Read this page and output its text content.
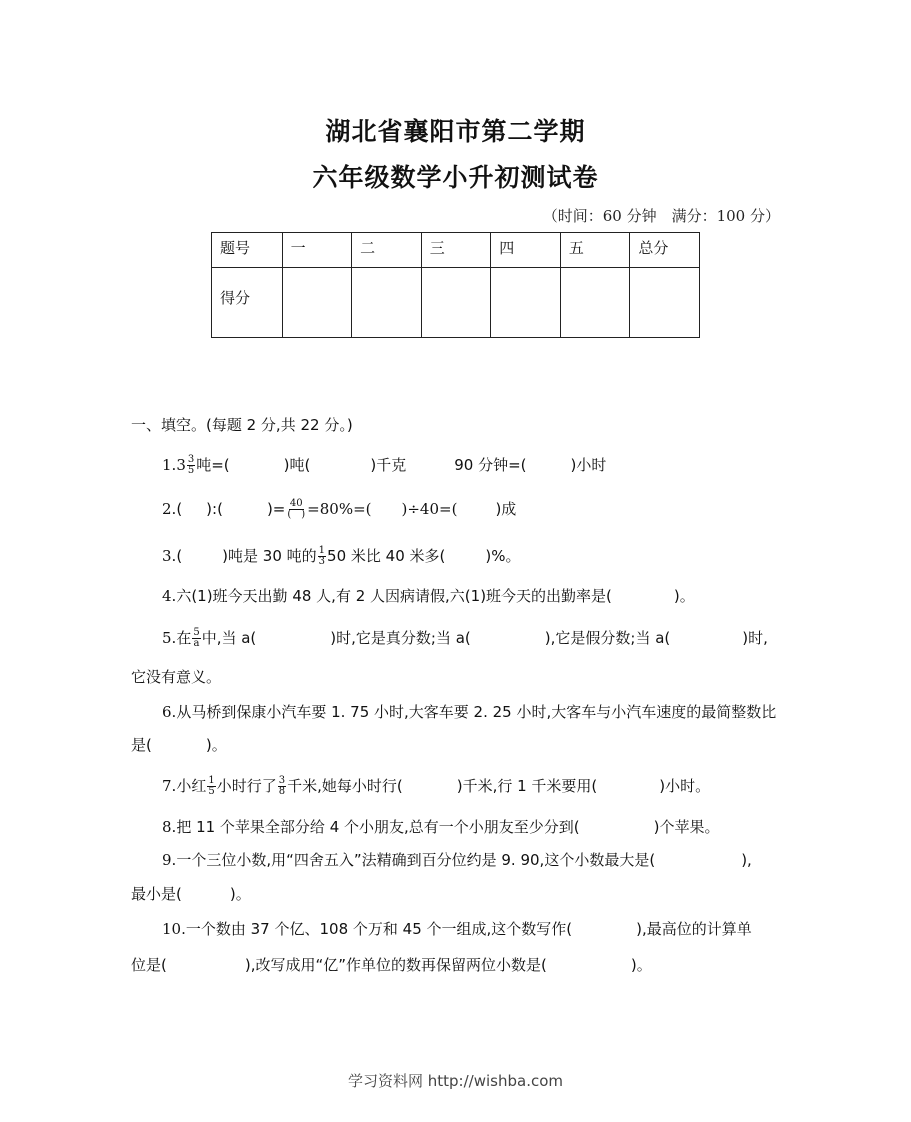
湖北省襄阳市第二学期
六年级数学小升初测试卷
（时间：60 分钟　满分：100 分）
题号	一	二	三	四	五	总分
得分						
一、填空。(每题 2 分,共 22 分。)
$1.3 \frac{3}{5}$ 吨=(	)吨(	)千克	90 分钟=(	)小时
2.( ):(	)= $\frac{40}{( )} =80\%=$( )÷40=(	)成
3.(	)吨是 30 吨的 $\frac{1}{3} 50$ 米比 40 米多(	)%。
4.六(1)班今天出勤 48 人,有 2 人因病请假,六(1)班今天的出勤率是(	)。
5.在 $\frac{5}{a}$ 中,当 a(	)时,它是真分数;当 a(	),它是假分数;当 a(	)时,
它没有意义。
6.从马桥到保康小汽车要 1. 75 小时,大客车要 2. 25 小时,大客车与小汽车速度的最简整数比
是(	)。
7.小红 $\frac{1}{5}$ 小时行了 $\frac{3}{8}$ 千米,她每小时行(	)千米,行 1 千米要用(	)小时。
8.把 11 个苹果全部分给 4 个小朋友,总有一个小朋友至少分到(	)个苹果。
9.一个三位小数,用“四舍五入”法精确到百分位约是 9. 90,这个小数最大是(	),
最小是(	)。
10.一个数由 37 个亿、108 个万和 45 个一组成,这个数写作(	),最高位的计算单
位是(	),改写成用“亿”作单位的数再保留两位小数是(	)。
学习资料网 http://wishba.com
